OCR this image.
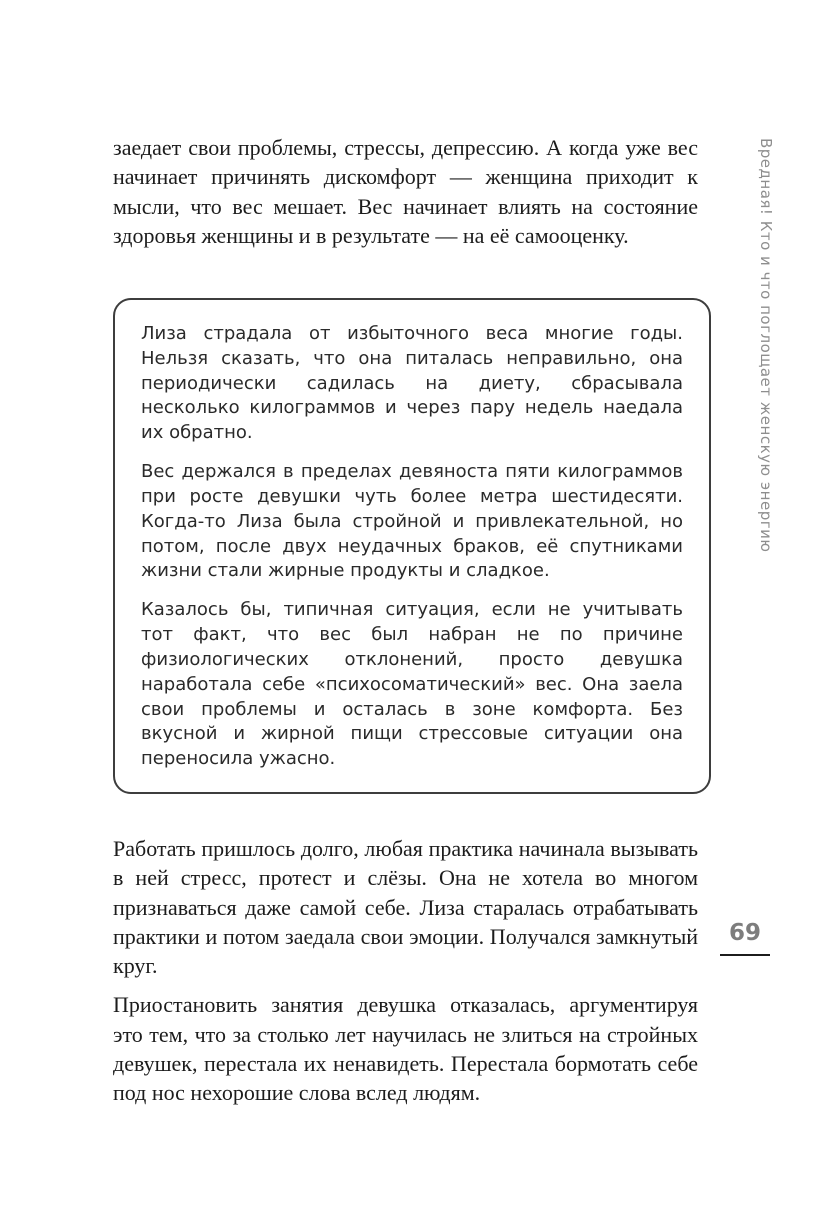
заедает свои проблемы, стрессы, депрессию. А когда уже вес начинает причинять дискомфорт — женщина приходит к мысли, что вес мешает. Вес начинает влиять на состояние здоровья женщины и в результате — на её самооценку.

Лиза страдала от избыточного веса многие годы. Нельзя сказать, что она питалась неправильно, она периодически садилась на диету, сбрасывала несколько килограммов и через пару недель наедала их обратно.

Вес держался в пределах девяноста пяти килограммов при росте девушки чуть более метра шестидесяти. Когда-то Лиза была стройной и привлекательной, но потом, после двух неудачных браков, её спутниками жизни стали жирные продукты и сладкое.

Казалось бы, типичная ситуация, если не учитывать тот факт, что вес был набран не по причине физиологических отклонений, просто девушка наработала себе «психосоматический» вес. Она заела свои проблемы и осталась в зоне комфорта. Без вкусной и жирной пищи стрессовые ситуации она переносила ужасно.

Работать пришлось долго, любая практика начинала вызывать в ней стресс, протест и слёзы. Она не хотела во многом признаваться даже самой себе. Лиза старалась отрабатывать практики и потом заедала свои эмоции. Получался замкнутый круг.

Приостановить занятия девушка отказалась, аргументируя это тем, что за столько лет научилась не злиться на стройных девушек, перестала их ненавидеть. Перестала бормотать себе под нос нехорошие слова вслед людям.

Вредная! Кто и что поглощает женскую энергию
69
